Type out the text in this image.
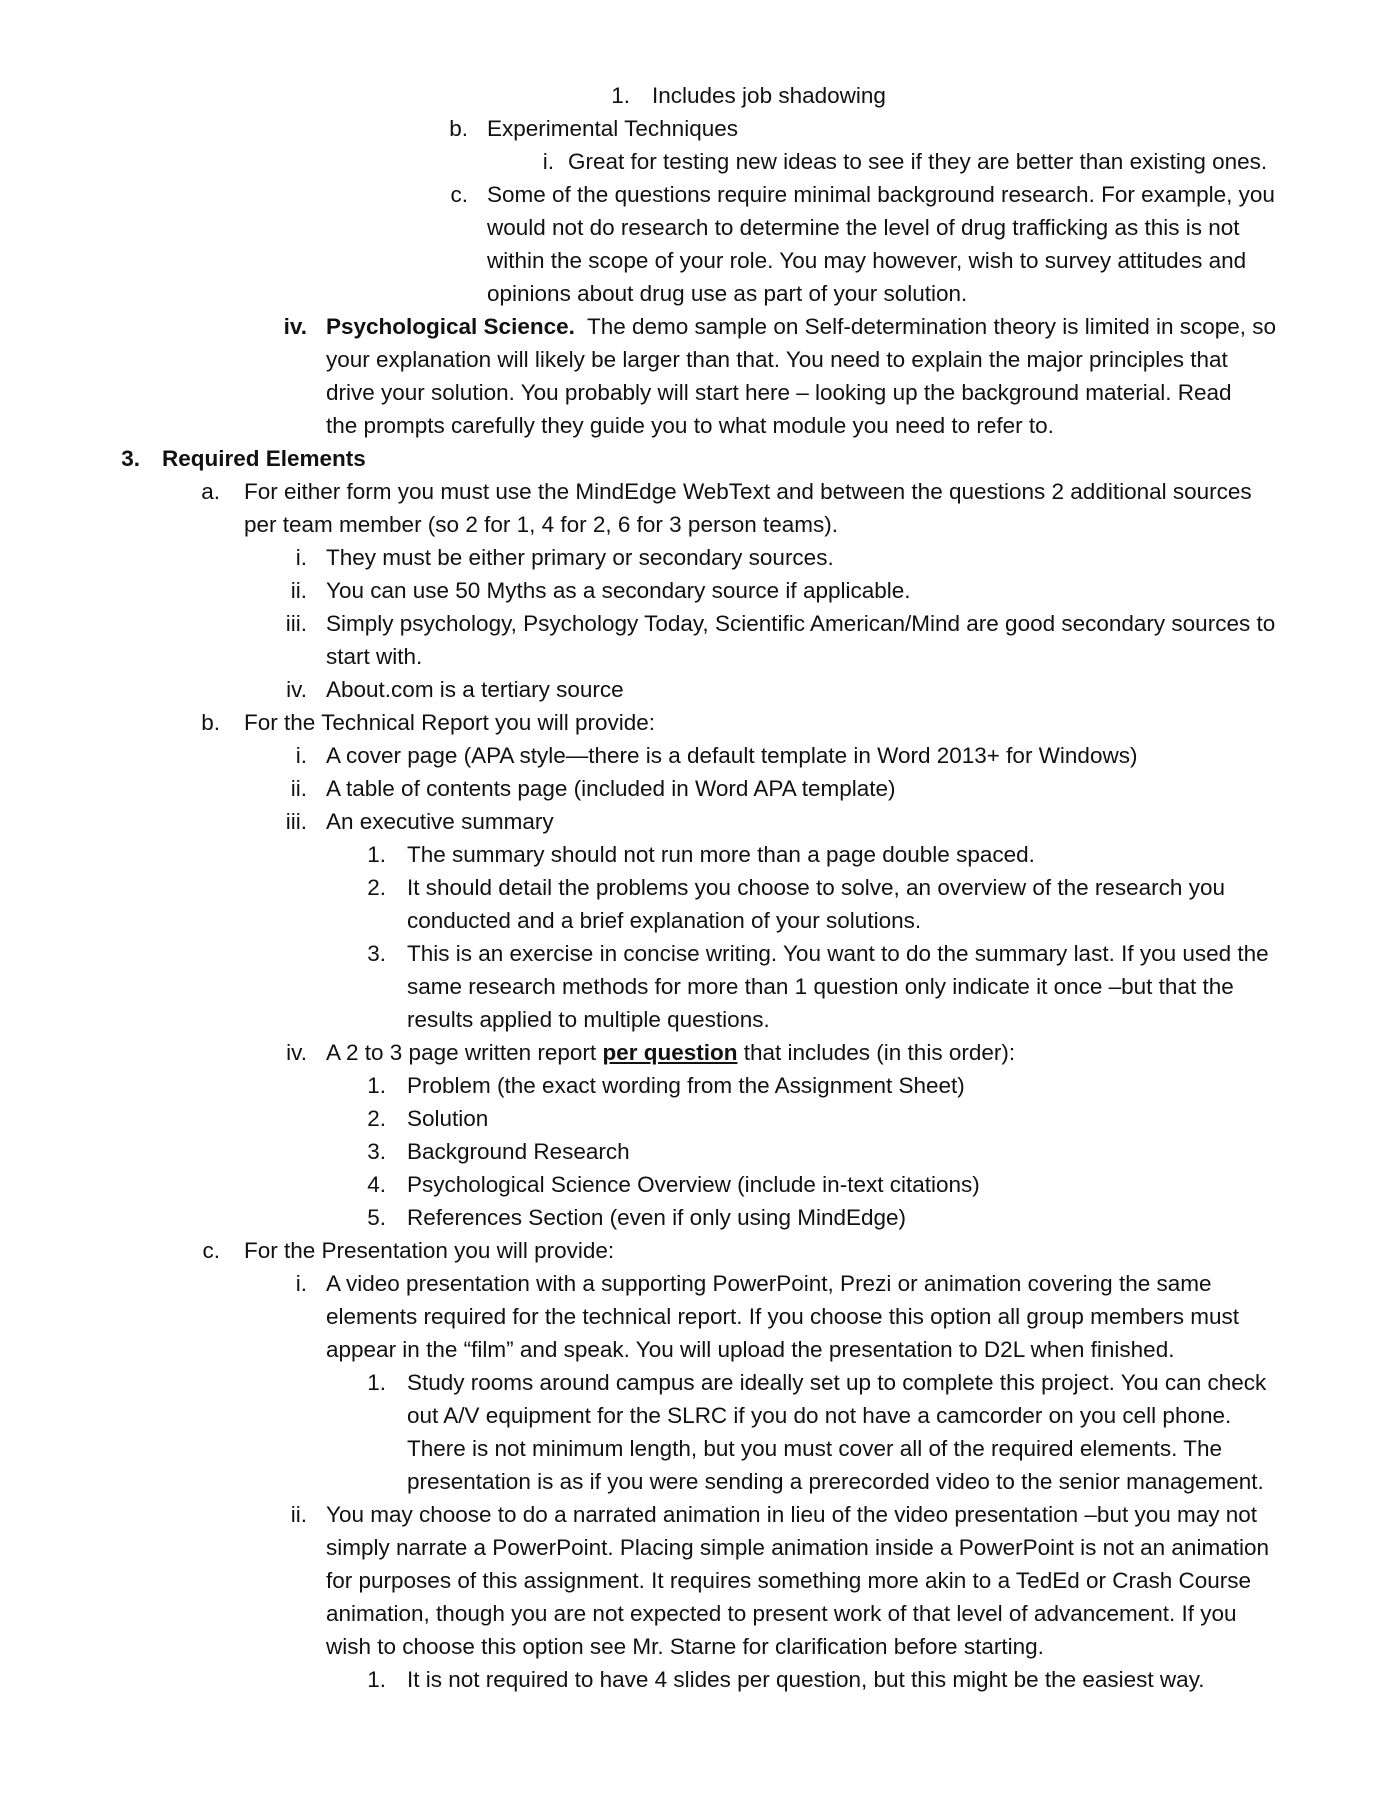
1. Includes job shadowing
b. Experimental Techniques
i. Great for testing new ideas to see if they are better than existing ones.
c. Some of the questions require minimal background research. For example, you
would not do research to determine the level of drug trafficking as this is not
within the scope of your role. You may however, wish to survey attitudes and
opinions about drug use as part of your solution.
iv. Psychological Science. The demo sample on Self-determination theory is limited in scope, so
your explanation will likely be larger than that. You need to explain the major principles that
drive your solution. You probably will start here – looking up the background material. Read
the prompts carefully they guide you to what module you need to refer to.
3. Required Elements
a. For either form you must use the MindEdge WebText and between the questions 2 additional sources
per team member (so 2 for 1, 4 for 2, 6 for 3 person teams).
i. They must be either primary or secondary sources.
ii. You can use 50 Myths as a secondary source if applicable.
iii. Simply psychology, Psychology Today, Scientific American/Mind are good secondary sources to
start with.
iv. About.com is a tertiary source
b. For the Technical Report you will provide:
i. A cover page (APA style—there is a default template in Word 2013+ for Windows)
ii. A table of contents page (included in Word APA template)
iii. An executive summary
1. The summary should not run more than a page double spaced.
2. It should detail the problems you choose to solve, an overview of the research you
conducted and a brief explanation of your solutions.
3. This is an exercise in concise writing. You want to do the summary last. If you used the
same research methods for more than 1 question only indicate it once –but that the
results applied to multiple questions.
iv. A 2 to 3 page written report per question that includes (in this order):
1. Problem (the exact wording from the Assignment Sheet)
2. Solution
3. Background Research
4. Psychological Science Overview (include in-text citations)
5. References Section (even if only using MindEdge)
c. For the Presentation you will provide:
i. A video presentation with a supporting PowerPoint, Prezi or animation covering the same
elements required for the technical report. If you choose this option all group members must
appear in the “film” and speak. You will upload the presentation to D2L when finished.
1. Study rooms around campus are ideally set up to complete this project. You can check
out A/V equipment for the SLRC if you do not have a camcorder on you cell phone.
There is not minimum length, but you must cover all of the required elements. The
presentation is as if you were sending a prerecorded video to the senior management.
ii. You may choose to do a narrated animation in lieu of the video presentation –but you may not
simply narrate a PowerPoint. Placing simple animation inside a PowerPoint is not an animation
for purposes of this assignment. It requires something more akin to a TedEd or Crash Course
animation, though you are not expected to present work of that level of advancement. If you
wish to choose this option see Mr. Starne for clarification before starting.
1. It is not required to have 4 slides per question, but this might be the easiest way.
